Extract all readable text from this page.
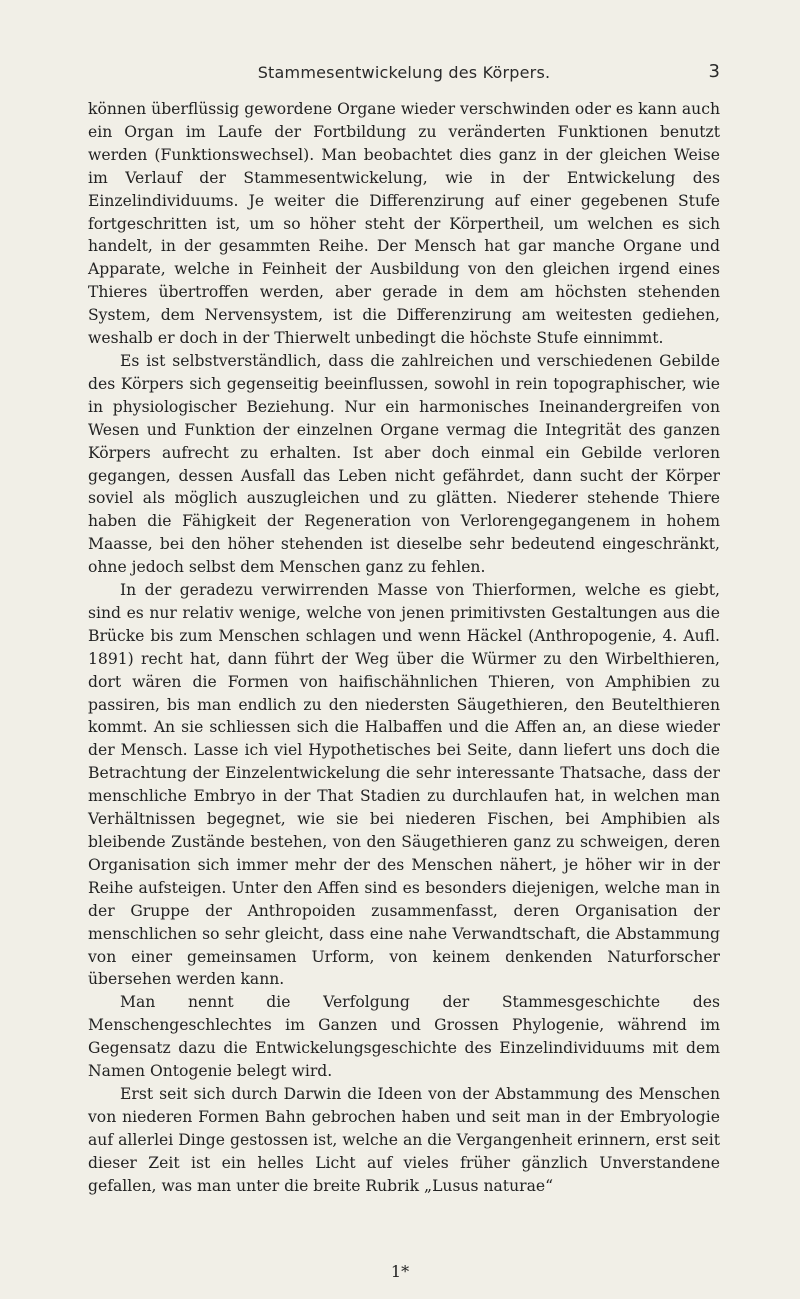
Stammesentwickelung des Körpers.	3

können überflüssig gewordene Organe wieder verschwinden oder es kann auch ein Organ im Laufe der Fortbildung zu veränderten Funktionen benutzt werden (Funktionswechsel). Man beobachtet dies ganz in der gleichen Weise im Verlauf der Stammesentwickelung, wie in der Entwickelung des Einzelindividuums. Je weiter die Differenzirung auf einer gegebenen Stufe fortgeschritten ist, um so höher steht der Körpertheil, um welchen es sich handelt, in der gesammten Reihe. Der Mensch hat gar manche Organe und Apparate, welche in Feinheit der Ausbildung von den gleichen irgend eines Thieres übertroffen werden, aber gerade in dem am höchsten stehenden System, dem Nervensystem, ist die Differenzirung am weitesten gediehen, weshalb er doch in der Thierwelt unbedingt die höchste Stufe einnimmt.

Es ist selbstverständlich, dass die zahlreichen und verschiedenen Gebilde des Körpers sich gegenseitig beeinflussen, sowohl in rein topographischer, wie in physiologischer Beziehung. Nur ein harmonisches Ineinandergreifen von Wesen und Funktion der einzelnen Organe vermag die Integrität des ganzen Körpers aufrecht zu erhalten. Ist aber doch einmal ein Gebilde verloren gegangen, dessen Ausfall das Leben nicht gefährdet, dann sucht der Körper soviel als möglich auszugleichen und zu glätten. Niederer stehende Thiere haben die Fähigkeit der Regeneration von Verlorengegangenem in hohem Maasse, bei den höher stehenden ist dieselbe sehr bedeutend eingeschränkt, ohne jedoch selbst dem Menschen ganz zu fehlen.

In der geradezu verwirrenden Masse von Thierformen, welche es giebt, sind es nur relativ wenige, welche von jenen primitivsten Gestaltungen aus die Brücke bis zum Menschen schlagen und wenn Häckel (Anthropogenie, 4. Aufl. 1891) recht hat, dann führt der Weg über die Würmer zu den Wirbelthieren, dort wären die Formen von haifischähnlichen Thieren, von Amphibien zu passiren, bis man endlich zu den niedersten Säugethieren, den Beutelthieren kommt. An sie schliessen sich die Halbaffen und die Affen an, an diese wieder der Mensch. Lasse ich viel Hypothetisches bei Seite, dann liefert uns doch die Betrachtung der Einzelentwickelung die sehr interessante Thatsache, dass der menschliche Embryo in der That Stadien zu durchlaufen hat, in welchen man Verhältnissen begegnet, wie sie bei niederen Fischen, bei Amphibien als bleibende Zustände bestehen, von den Säugethieren ganz zu schweigen, deren Organisation sich immer mehr der des Menschen nähert, je höher wir in der Reihe aufsteigen. Unter den Affen sind es besonders diejenigen, welche man in der Gruppe der Anthropoiden zusammenfasst, deren Organisation der menschlichen so sehr gleicht, dass eine nahe Verwandtschaft, die Abstammung von einer gemeinsamen Urform, von keinem denkenden Naturforscher übersehen werden kann.

Man nennt die Verfolgung der Stammesgeschichte des Menschengeschlechtes im Ganzen und Grossen Phylogenie, während im Gegensatz dazu die Entwickelungsgeschichte des Einzelindividuums mit dem Namen Ontogenie belegt wird.

Erst seit sich durch Darwin die Ideen von der Abstammung des Menschen von niederen Formen Bahn gebrochen haben und seit man in der Embryologie auf allerlei Dinge gestossen ist, welche an die Vergangenheit erinnern, erst seit dieser Zeit ist ein helles Licht auf vieles früher gänzlich Unverstandene gefallen, was man unter die breite Rubrik „Lusus naturae“

1*
